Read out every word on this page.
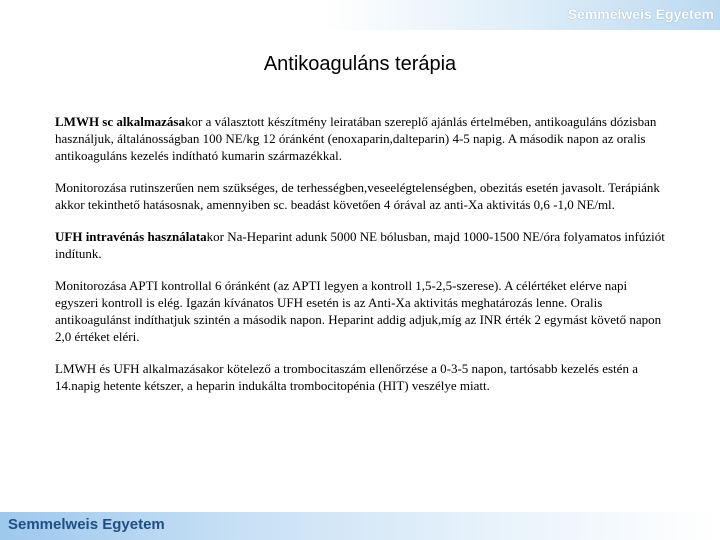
Semmelweis Egyetem
Antikoaguláns terápia

LMWH sc alkalmazásakor a választott készítmény leiratában szereplő ajánlás értelmében, antikoaguláns dózisban használjuk, általánosságban 100 NE/kg 12 óránként (enoxaparin,dalteparin) 4-5 napig. A második napon az oralis antikoaguláns kezelés indítható kumarin származékkal.

Monitorozása rutinszerűen nem szükséges, de terhességben,veseelégtelenségben, obezitás esetén javasolt. Terápiánk akkor tekinthető hatásosnak, amennyiben sc. beadást követően 4 órával az anti-Xa aktivitás 0,6 -1,0 NE/ml.

UFH intravénás használatakor Na-Heparint adunk 5000 NE bólusban, majd 1000-1500 NE/óra folyamatos infúziót indítunk.

Monitorozása APTI kontrollal 6 óránként (az APTI legyen a kontroll 1,5-2,5-szerese). A célértéket elérve napi egyszeri kontroll is elég. Igazán kívánatos UFH esetén is az Anti-Xa aktivitás meghatározás lenne. Oralis antikoagulánst indíthatjuk szintén a második napon. Heparint addig adjuk,míg az INR érték 2 egymást követő napon 2,0 értéket eléri.

LMWH és UFH alkalmazásakor kötelező a trombocitaszám ellenőrzése a 0-3-5 napon, tartósabb kezelés estén a 14.napig hetente kétszer, a heparin indukálta trombocitopénia (HIT) veszélye miatt.

Semmelweis Egyetem
